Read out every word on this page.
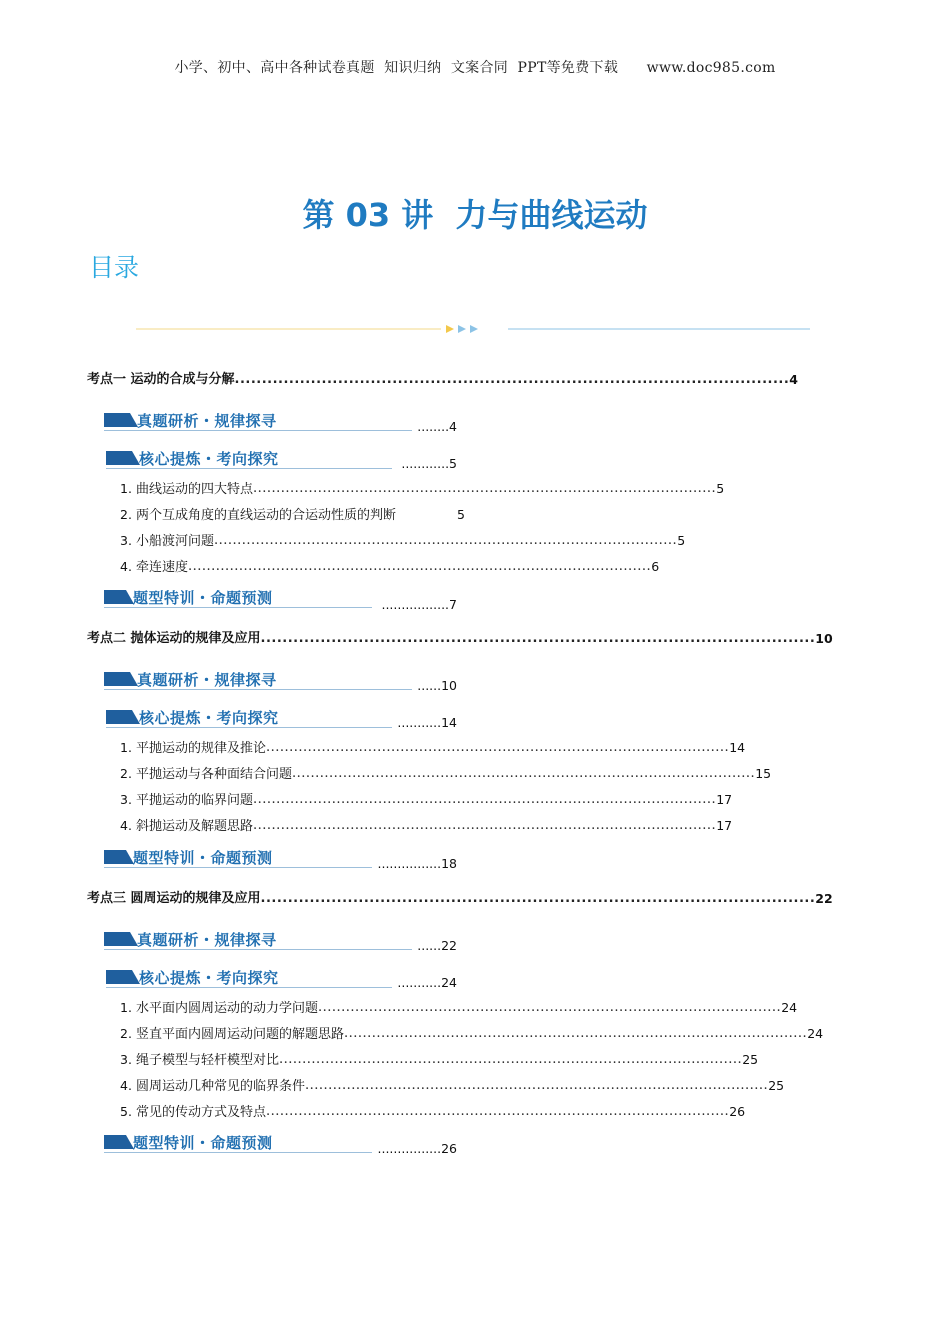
小学、初中、高中各种试卷真题  知识归纳  文案合同  PPT等免费下载 www.doc985.com
第 03 讲  力与曲线运动
目录
考点一 运动的合成与分解 ...................................................................................................... 4
真题研析・规律探寻	........4
核心提炼・考向探究	............5
1. 曲线运动的四大特点 .................................................................................................... 5
2. 两个互成角度的直线运动的合运动性质的判断	5
3. 小船渡河问题 .................................................................................................... 5
4. 牵连速度 .................................................................................................... 6
题型特训・命题预测	.................7
考点二 抛体运动的规律及应用 ...................................................................................................... 10
真题研析・规律探寻	......10
核心提炼・考向探究	...........14
1. 平抛运动的规律及推论 .................................................................................................... 14
2. 平抛运动与各种面结合问题 .................................................................................................... 15
3. 平抛运动的临界问题 .................................................................................................... 17
4. 斜抛运动及解题思路 .................................................................................................... 17
题型特训・命题预测	................18
考点三 圆周运动的规律及应用 ...................................................................................................... 22
真题研析・规律探寻	......22
核心提炼・考向探究	...........24
1. 水平面内圆周运动的动力学问题 .................................................................................................... 24
2. 竖直平面内圆周运动问题的解题思路 .................................................................................................... 24
3. 绳子模型与轻杆模型对比 .................................................................................................... 25
4. 圆周运动几种常见的临界条件 .................................................................................................... 25
5. 常见的传动方式及特点 .................................................................................................... 26
题型特训・命题预测	................26
